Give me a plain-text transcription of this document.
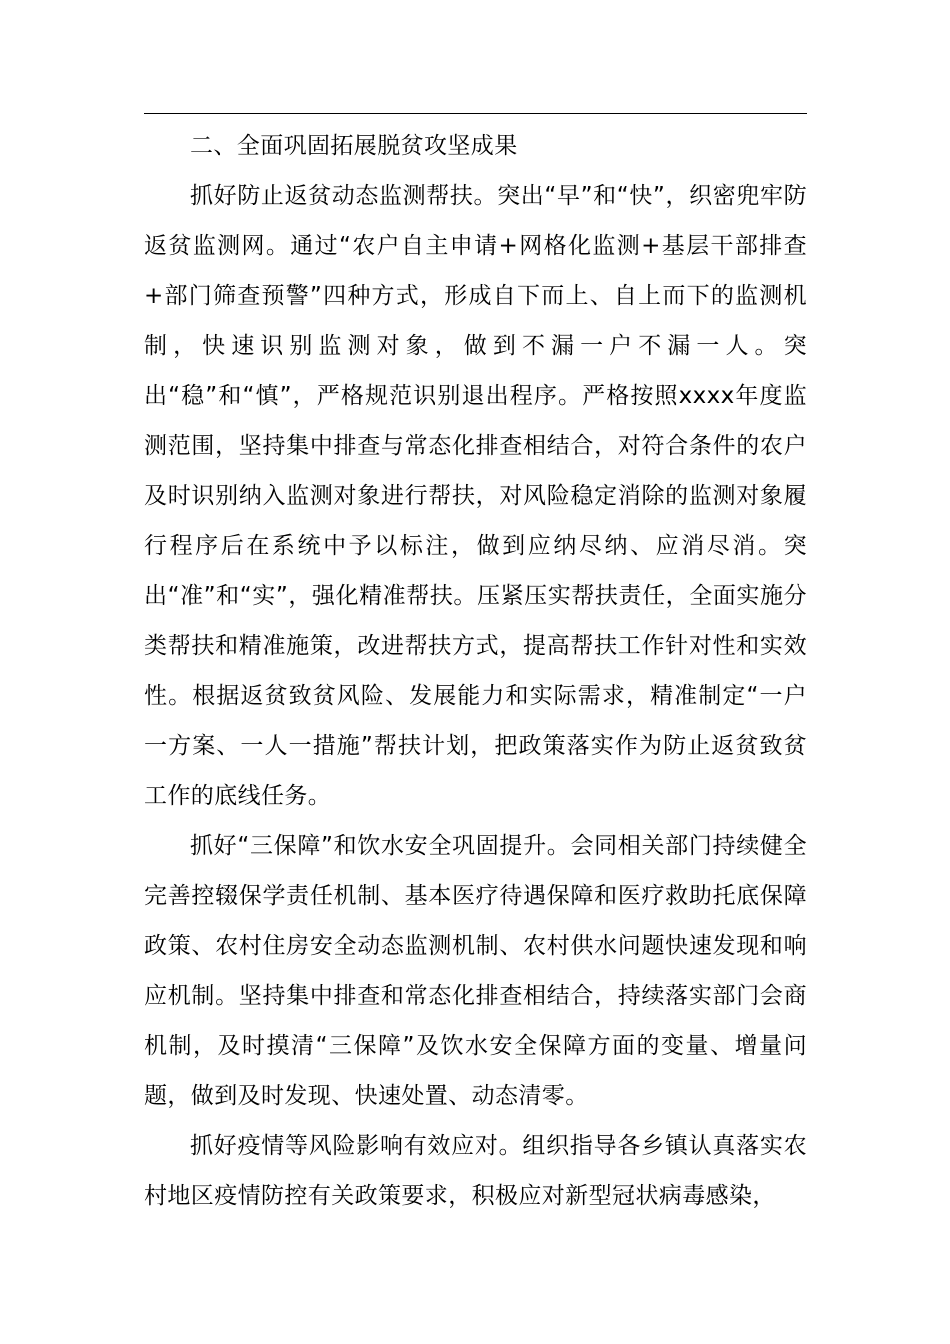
二、全面巩固拓展脱贫攻坚成果

抓好防止返贫动态监测帮扶。突出“早”和“快”，织密兜牢防返贫监测网。通过“农户自主申请+网格化监测+基层干部排查+部门筛查预警”四种方式，形成自下而上、自上而下的监测机制，快速识别监测对象，做到不漏一户不漏一人。突出“稳”和“慎”，严格规范识别退出程序。严格按照xxxx年度监测范围，坚持集中排查与常态化排查相结合，对符合条件的农户及时识别纳入监测对象进行帮扶，对风险稳定消除的监测对象履行程序后在系统中予以标注，做到应纳尽纳、应消尽消。突出“准”和“实”，强化精准帮扶。压紧压实帮扶责任，全面实施分类帮扶和精准施策，改进帮扶方式，提高帮扶工作针对性和实效性。根据返贫致贫风险、发展能力和实际需求，精准制定“一户一方案、一人一措施”帮扶计划，把政策落实作为防止返贫致贫工作的底线任务。

抓好“三保障”和饮水安全巩固提升。会同相关部门持续健全完善控辍保学责任机制、基本医疗待遇保障和医疗救助托底保障政策、农村住房安全动态监测机制、农村供水问题快速发现和响应机制。坚持集中排查和常态化排查相结合，持续落实部门会商机制，及时摸清“三保障”及饮水安全保障方面的变量、增量问题，做到及时发现、快速处置、动态清零。

抓好疫情等风险影响有效应对。组织指导各乡镇认真落实农村地区疫情防控有关政策要求，积极应对新型冠状病毒感染，
